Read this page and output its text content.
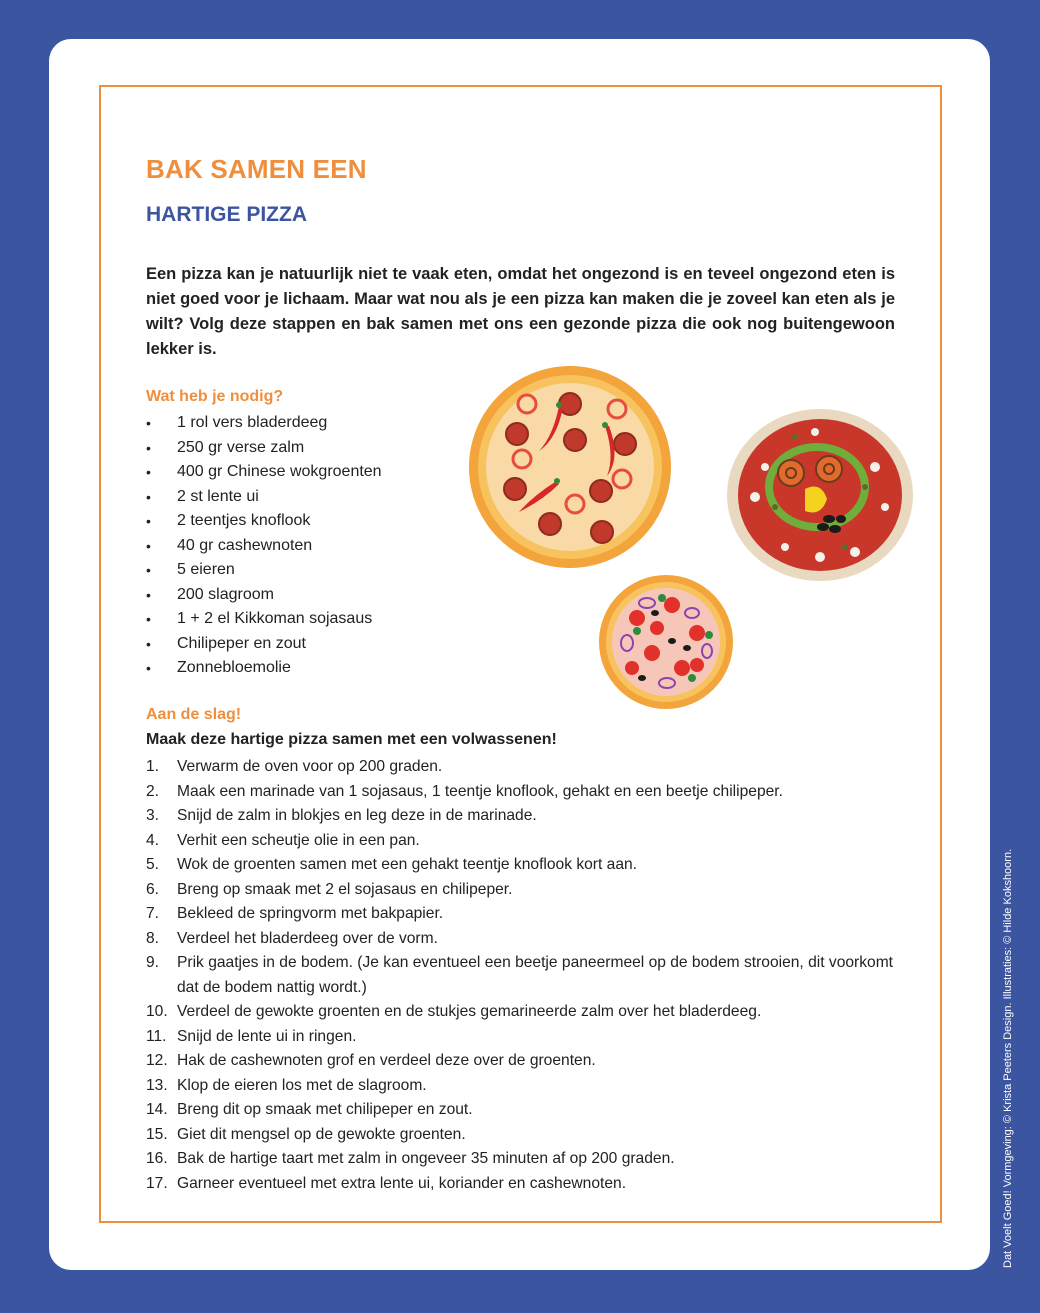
BAK SAMEN EEN
HARTIGE PIZZA

Een pizza kan je natuurlijk niet te vaak eten, omdat het ongezond is en teveel ongezond eten is niet goed voor je lichaam. Maar wat nou als je een pizza kan maken die je zoveel kan eten als je wilt? Volg deze stappen en bak samen met ons een gezonde pizza die ook nog buitengewoon lekker is.

Wat heb je nodig?
• 1 rol vers bladerdeeg
• 250 gr verse zalm
• 400 gr Chinese wokgroenten
• 2 st lente ui
• 2 teentjes knoflook
• 40 gr cashewnoten
• 5 eieren
• 200 slagroom
• 1 + 2 el Kikkoman sojasaus
• Chilipeper en zout
• Zonnebloemolie
Aan de slag!
Maak deze hartige pizza samen met een volwassenen!
1. Verwarm de oven voor op 200 graden.
2. Maak een marinade van 1 sojasaus, 1 teentje knoflook, gehakt en een beetje chilipeper.
3. Snijd de zalm in blokjes en leg deze in de marinade.
4. Verhit een scheutje olie in een pan.
5. Wok de groenten samen met een gehakt teentje knoflook kort aan.
6. Breng op smaak met 2 el sojasaus en chilipeper.
7. Bekleed de springvorm met bakpapier.
8. Verdeel het bladerdeeg over de vorm.
9. Prik gaatjes in de bodem. (Je kan eventueel een beetje paneermeel op de bodem strooien, dit voorkomt dat de bodem nattig wordt.)
10. Verdeel de gewokte groenten en de stukjes gemarineerde zalm over het bladerdeeg.
11. Snijd de lente ui in ringen.
12. Hak de cashewnoten grof en verdeel deze over de groenten.
13. Klop de eieren los met de slagroom.
14. Breng dit op smaak met chilipeper en zout.
15. Giet dit mengsel op de gewokte groenten.
16. Bak de hartige taart met zalm in ongeveer 35 minuten af op 200 graden.
17. Garneer eventueel met extra lente ui, koriander en cashewnoten.	Dat Voelt Goed! Vormgeving: © Krista Peeters Design. Illustraties: © Hilde Kokshoorn.
